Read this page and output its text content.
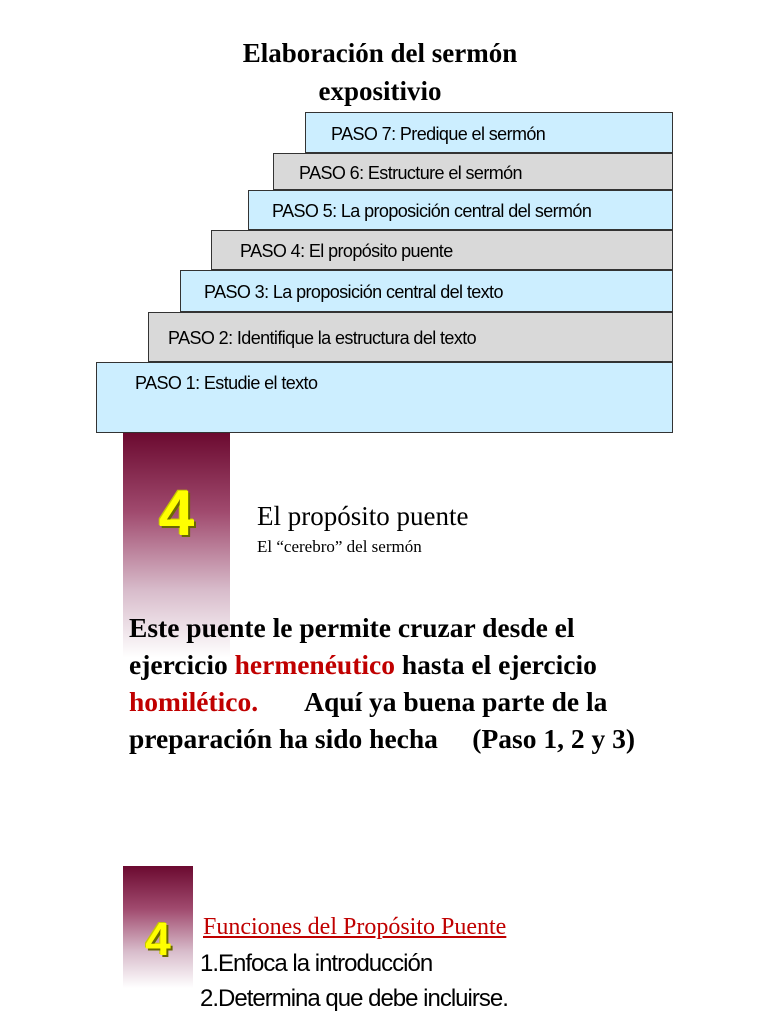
Elaboración del sermón
expositivio
PASO 7: Predique el sermón
PASO 6: Estructure el sermón
PASO 5: La proposición central del sermón
PASO 4: El propósito puente
PASO 3: La proposición central del texto
PASO 2: Identifique la estructura del texto
PASO 1: Estudie el texto
4	El propósito puente
El “cerebro” del sermón
Este puente le permite cruzar desde el
ejercicio hermenéutico hasta el ejercicio
homilético. Aquí ya buena parte de la
preparación ha sido hecha     (Paso 1, 2 y 3)
4	Funciones del Propósito Puente
1.Enfoca la introducción
2.Determina que debe incluirse.
